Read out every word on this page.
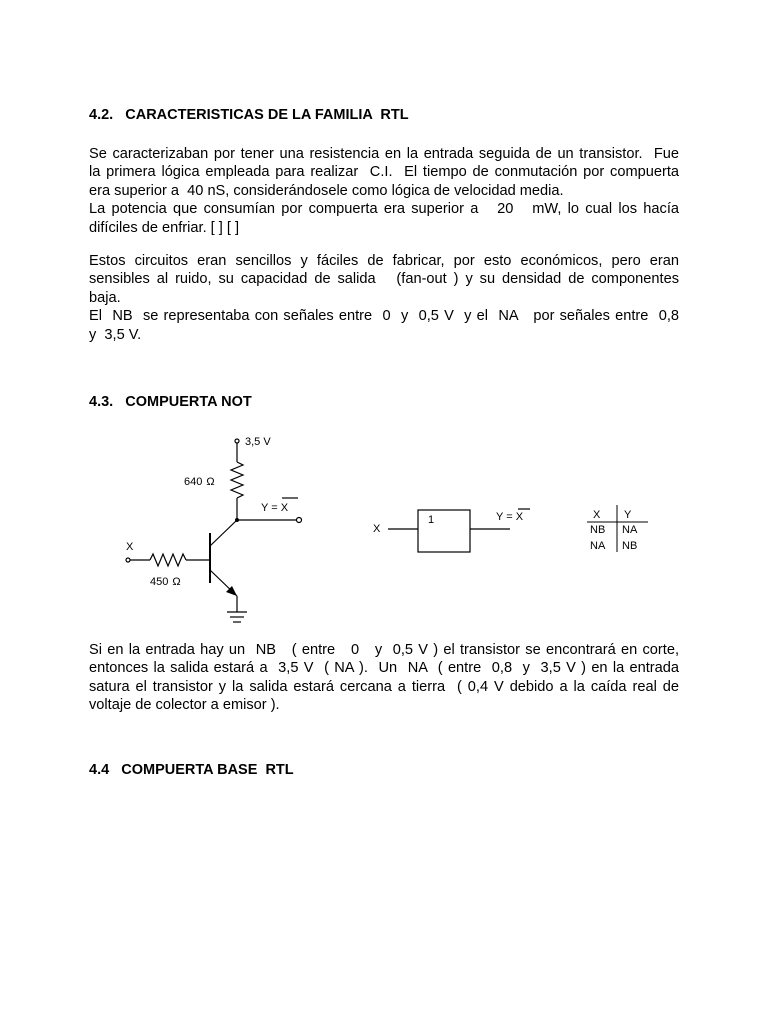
4.2.   CARACTERISTICAS DE LA FAMILIA  RTL

Se caracterizaban por tener una resistencia en la entrada seguida de un transistor.  Fue
la primera lógica empleada para realizar  C.I.  El tiempo de conmutación por compuerta
era superior a  40 nS, considerándosele como lógica de velocidad media.
La potencia que consumían por compuerta era superior a   20   mW, lo cual los hacía
difíciles de enfriar. [ ] [ ]

Estos circuitos eran sencillos y fáciles de fabricar, por esto económicos, pero eran
sensibles al ruido, su capacidad de salida   (fan-out ) y su densidad de componentes
baja.
El  NB  se representaba con señales entre  0  y  0,5 V  y el  NA   por señales entre  0,8
y  3,5 V.

4.3.   COMPUERTA NOT
3,5 V
640 Ω
Y = X
X
450 Ω
X
1	Y = X	X Y
NB NA
NA NB

Si en la entrada hay un  NB   ( entre   0   y  0,5 V ) el transistor se encontrará en corte,
entonces la salida estará a  3,5 V  ( NA ).  Un  NA  ( entre  0,8  y  3,5 V ) en la entrada
satura el transistor y la salida estará cercana a tierra  ( 0,4 V debido a la caída real de
voltaje de colector a emisor ).

4.4   COMPUERTA BASE  RTL
